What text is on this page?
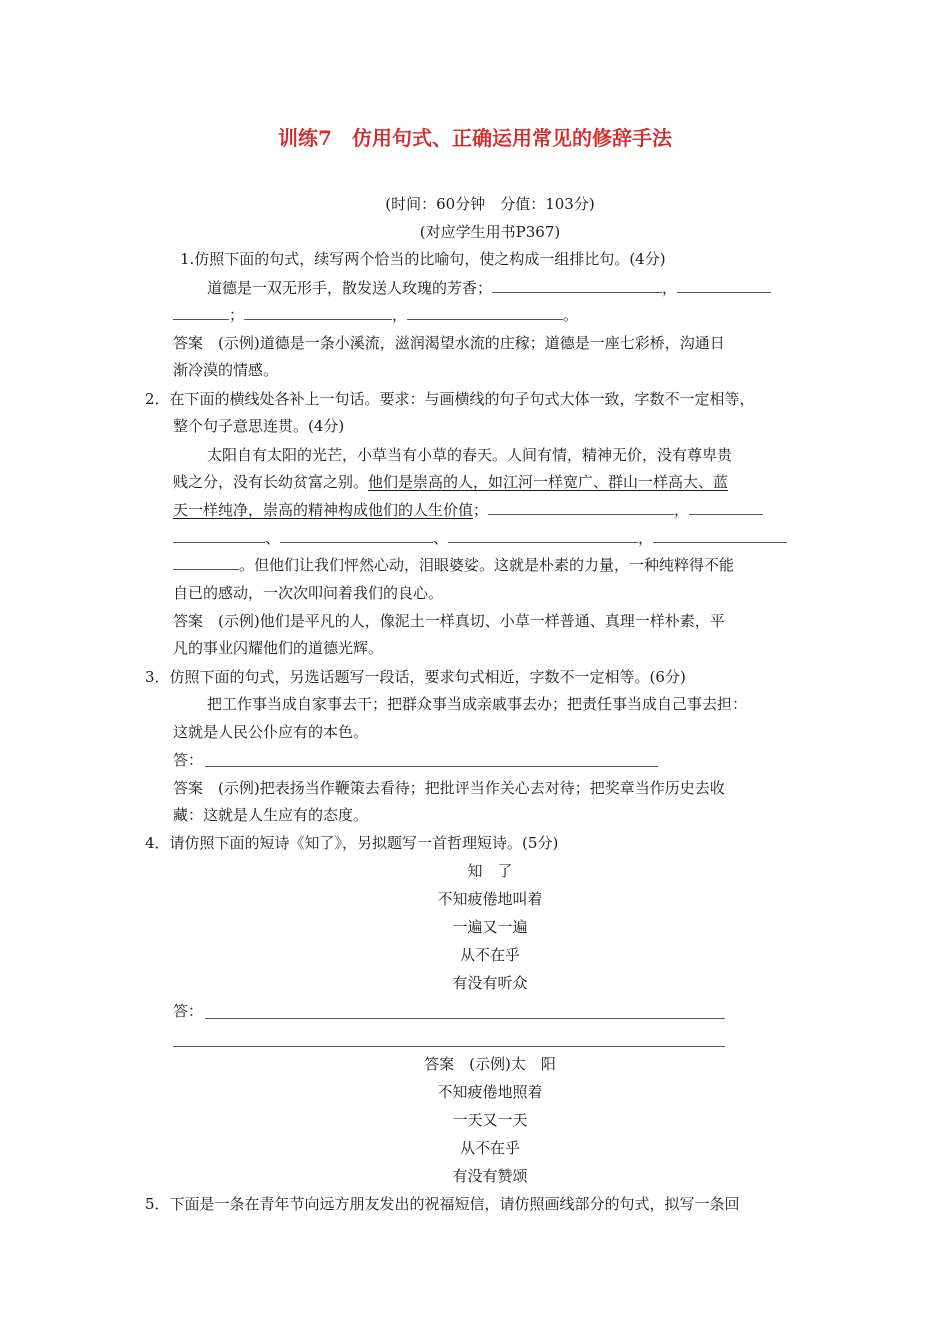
训练7　仿用句式、正确运用常见的修辞手法
(时间：60分钟　分值：103分)
(对应学生用书P367)
1.仿照下面的句式，续写两个恰当的比喻句，使之构成一组排比句。(4分)
道德是一双无形手，散发送人玫瑰的芳香；	，
；	，	。
答案　(示例)道德是一条小溪流，滋润渴望水流的庄稼；道德是一座七彩桥，沟通日
渐冷漠的情感。
2．在下面的横线处各补上一句话。要求：与画横线的句子句式大体一致，字数不一定相等，
整个句子意思连贯。(4分)
太阳自有太阳的光芒，小草当有小草的春天。人间有情，精神无价，没有尊卑贵
贱之分，没有长幼贫富之别。他们是崇高的人，如江河一样宽广、群山一样高大、蓝
天一样纯净，崇高的精神构成他们的人生价值；	，
、	、	，
。但他们让我们怦然心动，泪眼婆娑。这就是朴素的力量，一种纯粹得不能
自已的感动，一次次叩问着我们的良心。
答案　(示例)他们是平凡的人，像泥土一样真切、小草一样普通、真理一样朴素，平
凡的事业闪耀他们的道德光辉。
3．仿照下面的句式，另选话题写一段话，要求句式相近，字数不一定相等。(6分)
把工作事当成自家事去干；把群众事当成亲戚事去办；把责任事当成自己事去担：
这就是人民公仆应有的本色。
答：
答案　(示例)把表扬当作鞭策去看待；把批评当作关心去对待；把奖章当作历史去收
藏：这就是人生应有的态度。
4．请仿照下面的短诗《知了》，另拟题写一首哲理短诗。(5分)
知　了
不知疲倦地叫着
一遍又一遍
从不在乎
有没有听众
答：
答案　(示例)太　阳
不知疲倦地照着
一天又一天
从不在乎
有没有赞颂
5．下面是一条在青年节向远方朋友发出的祝福短信，请仿照画线部分的句式，拟写一条回
